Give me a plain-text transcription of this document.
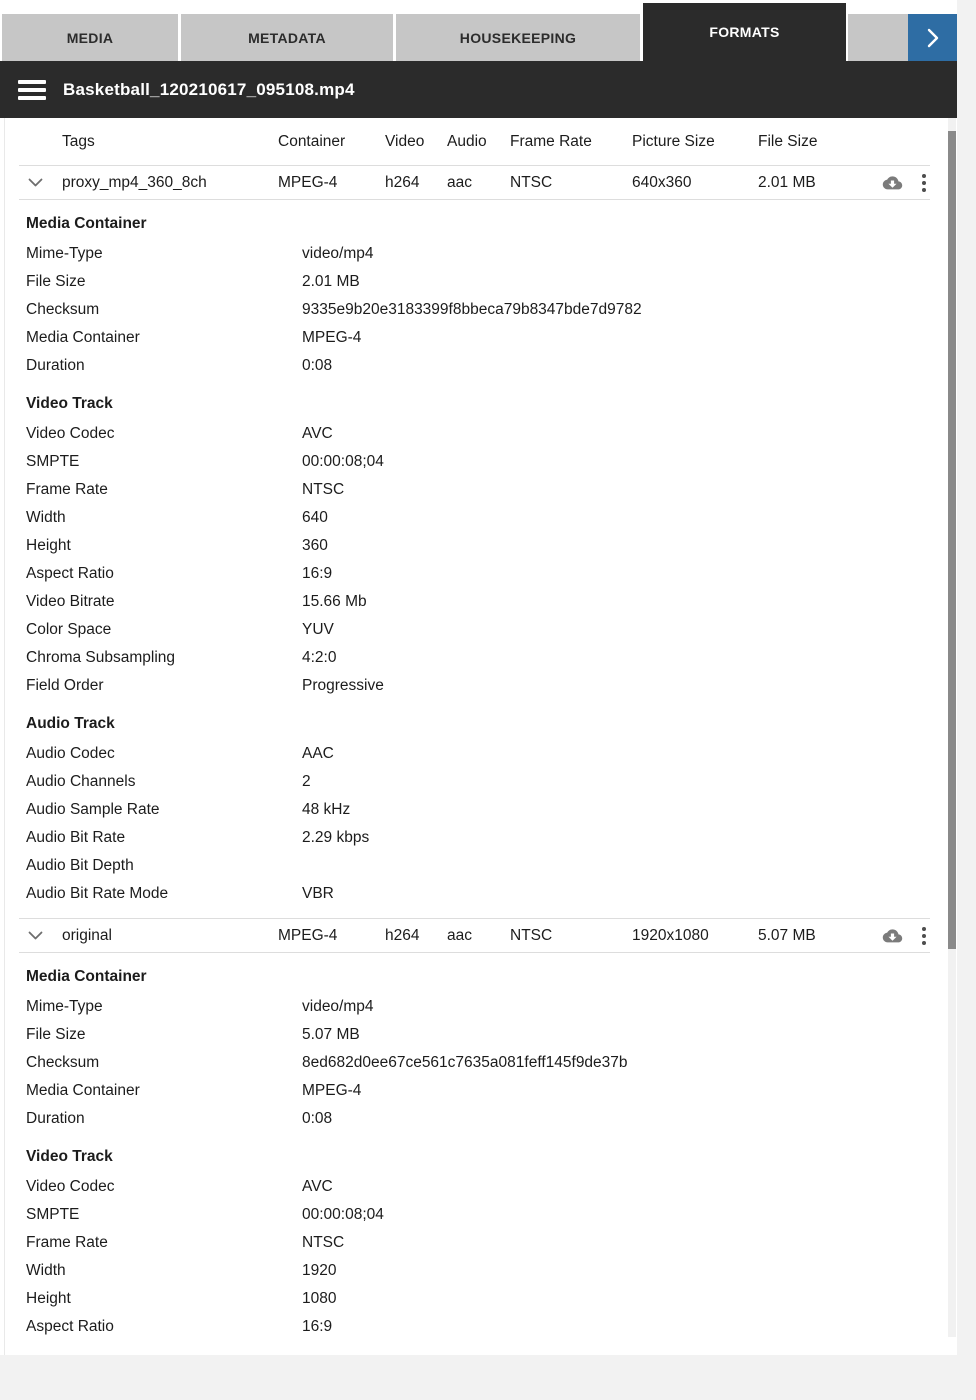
MEDIA	METADATA	HOUSEKEEPING	FORMATS
Basketball_120210617_095108.mp4
Tags	Container	Video	Audio	Frame Rate	Picture Size	File Size
proxy_mp4_360_8ch	MPEG-4	h264	aac	NTSC	640x360	2.01 MB
Media Container
Mime-Type	video/mp4
File Size	2.01 MB
Checksum	9335e9b20e3183399f8bbeca79b8347bde7d9782
Media Container	MPEG-4
Duration	0:08
Video Track
Video Codec	AVC
SMPTE	00:00:08;04
Frame Rate	NTSC
Width	640
Height	360
Aspect Ratio	16:9
Video Bitrate	15.66 Mb
Color Space	YUV
Chroma Subsampling	4:2:0
Field Order	Progressive
Audio Track
Audio Codec	AAC
Audio Channels	2
Audio Sample Rate	48 kHz
Audio Bit Rate	2.29 kbps
Audio Bit Depth
Audio Bit Rate Mode	VBR
original	MPEG-4	h264	aac	NTSC	1920x1080	5.07 MB
Media Container
Mime-Type	video/mp4
File Size	5.07 MB
Checksum	8ed682d0ee67ce561c7635a081feff145f9de37b
Media Container	MPEG-4
Duration	0:08
Video Track
Video Codec	AVC
SMPTE	00:00:08;04
Frame Rate	NTSC
Width	1920
Height	1080
Aspect Ratio	16:9
